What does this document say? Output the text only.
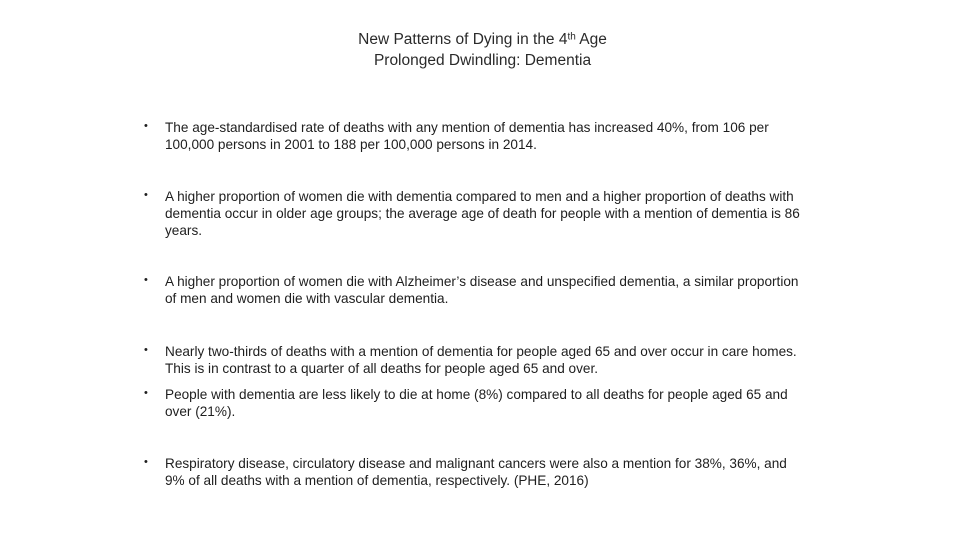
New Patterns of Dying in the 4th Age
Prolonged Dwindling: Dementia
• The age-standardised rate of deaths with any mention of dementia has increased 40%, from 106 per 100,000 persons in 2001 to 188 per 100,000 persons in 2014.
• A higher proportion of women die with dementia compared to men and a higher proportion of deaths with dementia occur in older age groups; the average age of death for people with a mention of dementia is 86 years.
• A higher proportion of women die with Alzheimer’s disease and unspecified dementia, a similar proportion of men and women die with vascular dementia.
• Nearly two-thirds of deaths with a mention of dementia for people aged 65 and over occur in care homes. This is in contrast to a quarter of all deaths for people aged 65 and over.
• People with dementia are less likely to die at home (8%) compared to all deaths for people aged 65 and over (21%).
• Respiratory disease, circulatory disease and malignant cancers were also a mention for 38%, 36%, and 9% of all deaths with a mention of dementia, respectively. (PHE, 2016)
